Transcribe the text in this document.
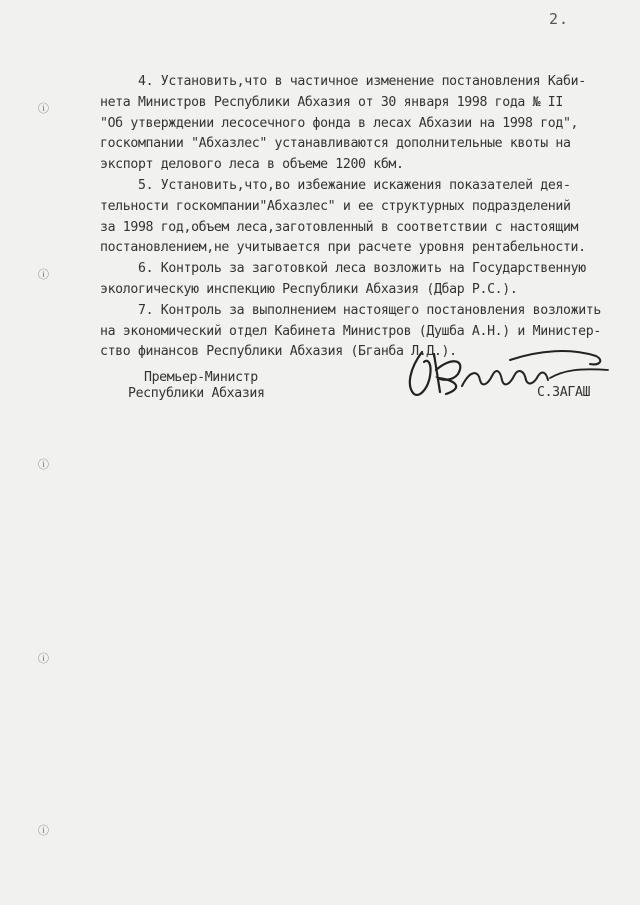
2.
4. Установить,что в частичное изменение постановления Каби-
нета Министров Республики Абхазия от 30 января 1998 года № II
"Об утверждении лесосечного фонда в лесах Абхазии на 1998 год",
госкомпании "Абхазлес" устанавливаются дополнительные квоты на
экспорт делового леса в объеме 1200 кбм.
5. Установить,что,во избежание искажения показателей дея-
тельности госкомпании"Абхазлес" и ее структурных подразделений
за 1998 год,объем леса,заготовленный в соответствии с настоящим
постановлением,не учитывается при расчете уровня рентабельности.
6. Контроль за заготовкой леса возложить на Государственную
экологическую инспекцию Республики Абхазия (Дбар Р.С.).
7. Контроль за выполнением настоящего постановления возложить
на экономический отдел Кабинета Министров (Душба А.Н.) и Министер-
ство финансов Республики Абхазия (Бганба Л.Д.).
Премьер-Министр
Республики Абхазия	С.ЗАГАШ
ⓘ
ⓘ
ⓘ
ⓘ
ⓘ
